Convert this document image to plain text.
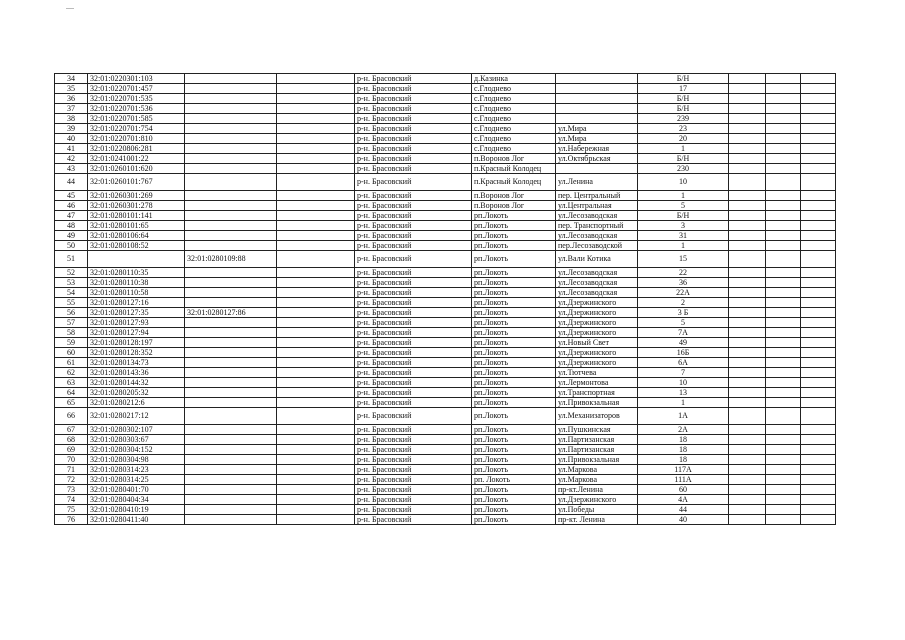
34	32:01:0220301:103			р-н. Брасовский	д.Казинка		Б/Н			
35	32:01:0220701:457			р-н. Брасовский	с.Глоднево		17			
36	32:01:0220701:535			р-н. Брасовский	с.Глоднево		Б/Н			
37	32:01:0220701:536			р-н. Брасовский	с.Глоднево		Б/Н			
38	32:01:0220701:585			р-н. Брасовский	с.Глоднево		239			
39	32:01:0220701:754			р-н. Брасовский	с.Глоднево	ул.Мира	23			
40	32:01:0220701:810			р-н. Брасовский	с.Глоднево	ул.Мира	20			
41	32:01:0220806:281			р-н. Брасовский	с.Глоднево	ул.Набережная	1			
42	32:01:0241001:22			р-н. Брасовский	п.Воронов Лог	ул.Октябрьская	Б/Н			
43	32:01:0260101:620			р-н. Брасовский	п.Красный Колодец		230			
44	32:01:0260101:767			р-н. Брасовский	п.Красный Колодец	ул.Ленина	10			
45	32:01:0260301:269			р-н. Брасовский	п.Воронов Лог	пер. Центральный	1			
46	32:01:0260301:278			р-н. Брасовский	п.Воронов Лог	ул.Центральная	5			
47	32:01:0280101:141			р-н. Брасовский	рп.Локоть	ул.Лесозаводская	Б/Н			
48	32:01:0280101:65			р-н. Брасовский	рп.Локоть	пер. Транспортный	3			
49	32:01:0280106:64			р-н. Брасовский	рп.Локоть	ул.Лесозаводская	31			
50	32:01:0280108:52			р-н. Брасовский	рп.Локоть	пер.Лесозаводской	1			
51		32:01:0280109:88		р-н. Брасовский	рп.Локоть	ул.Вали Котика	15			
52	32:01:0280110:35			р-н. Брасовский	рп.Локоть	ул.Лесозаводская	22			
53	32:01:0280110:38			р-н. Брасовский	рп.Локоть	ул.Лесозаводская	36			
54	32:01:0280110:58			р-н. Брасовский	рп.Локоть	ул.Лесозаводская	22А			
55	32:01:0280127:16			р-н. Брасовский	рп.Локоть	ул.Дзержинского	2			
56	32:01:0280127:35	32:01:0280127:86		р-н. Брасовский	рп.Локоть	ул.Дзержинского	3 Б			
57	32:01:0280127:93			р-н. Брасовский	рп.Локоть	ул.Дзержинского	5			
58	32:01:0280127:94			р-н. Брасовский	рп.Локоть	ул.Дзержинского	7А			
59	32:01:0280128:197			р-н. Брасовский	рп.Локоть	ул.Новый Свет	49			
60	32:01:0280128:352			р-н. Брасовский	рп.Локоть	ул.Дзержинского	16Б			
61	32:01:0280134:73			р-н. Брасовский	рп.Локоть	ул.Дзержинского	6А			
62	32:01:0280143:36			р-н. Брасовский	рп.Локоть	ул.Тютчева	7			
63	32:01:0280144:32			р-н. Брасовский	рп.Локоть	ул.Лермонтова	10			
64	32:01:0280205:32			р-н. Брасовский	рп.Локоть	ул.Транспортная	13			
65	32:01:0280212:6			р-н. Брасовский	рп.Локоть	ул.Привокзальная	1			
66	32:01:0280217:12			р-н. Брасовский	рп.Локоть	ул.Механизаторов	1А			
67	32:01:0280302:107			р-н. Брасовский	рп.Локоть	ул.Пушкинская	2А			
68	32:01:0280303:67			р-н. Брасовский	рп.Локоть	ул.Партизанская	18			
69	32:01:0280304:152			р-н. Брасовский	рп.Локоть	ул.Партизанская	18			
70	32:01:0280304:98			р-н. Брасовский	рп.Локоть	ул.Привокзальная	18			
71	32:01:0280314:23			р-н. Брасовский	рп.Локоть	ул.Маркова	117А			
72	32:01:0280314:25			р-н. Брасовский	рп. Локоть	ул.Маркова	111А			
73	32:01:0280401:70			р-н. Брасовский	рп.Локоть	пр-кт.Ленина	60			
74	32:01:0280404:34			р-н. Брасовский	рп.Локоть	ул.Дзержинского	4А			
75	32:01:0280410:19			р-н. Брасовский	рп.Локоть	ул.Победы	44			
76	32:01:0280411:40			р-н. Брасовский	рп.Локоть	пр-кт. Ленина	40			
